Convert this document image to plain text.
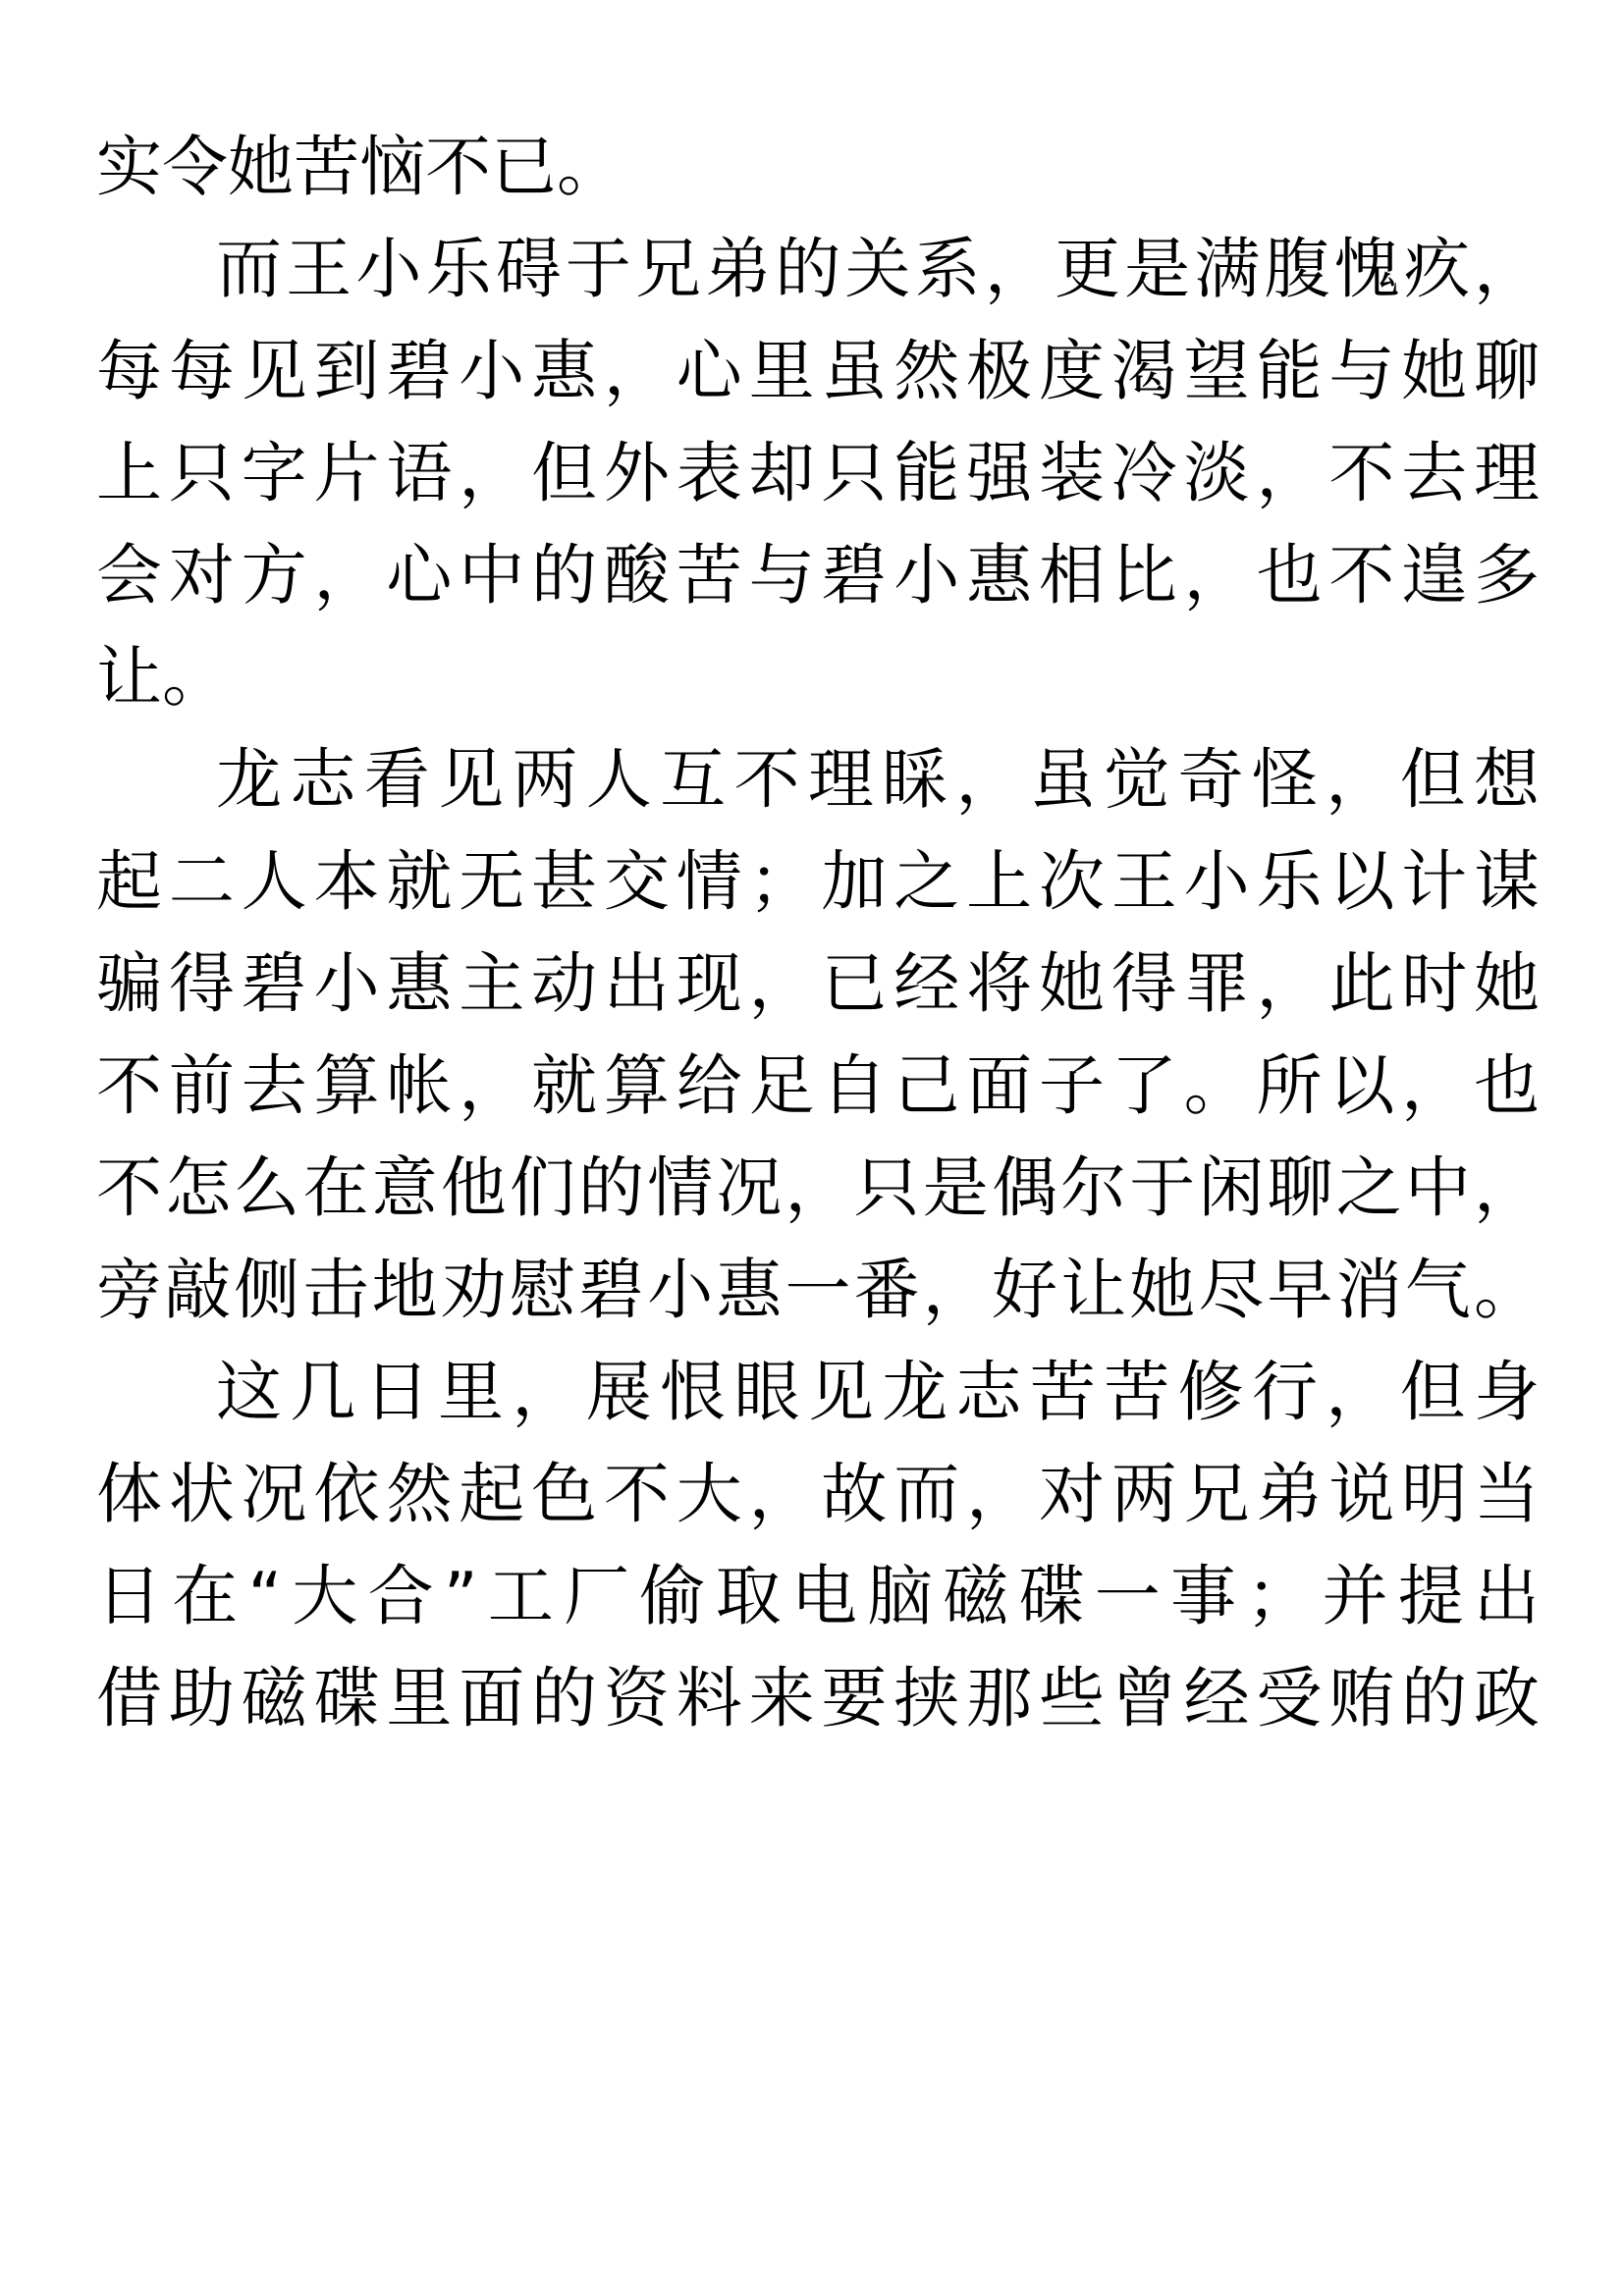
实令她苦恼不已。
而王小乐碍于兄弟的关系，更是满腹愧疚，
每每见到碧小惠，心里虽然极度渴望能与她聊
上只字片语，但外表却只能强装冷淡，不去理
会对方，心中的酸苦与碧小惠相比，也不遑多
让。
龙志看见两人互不理睬，虽觉奇怪，但想
起二人本就无甚交情；加之上次王小乐以计谋
骗得碧小惠主动出现，已经将她得罪，此时她
不前去算帐，就算给足自己面子了。所以，也
不怎么在意他们的情况，只是偶尔于闲聊之中，
旁敲侧击地劝慰碧小惠一番，好让她尽早消气。
这几日里，展恨眼见龙志苦苦修行，但身
体状况依然起色不大，故而，对两兄弟说明当
日在“大合”工厂偷取电脑磁碟一事；并提出
借助磁碟里面的资料来要挟那些曾经受贿的政
